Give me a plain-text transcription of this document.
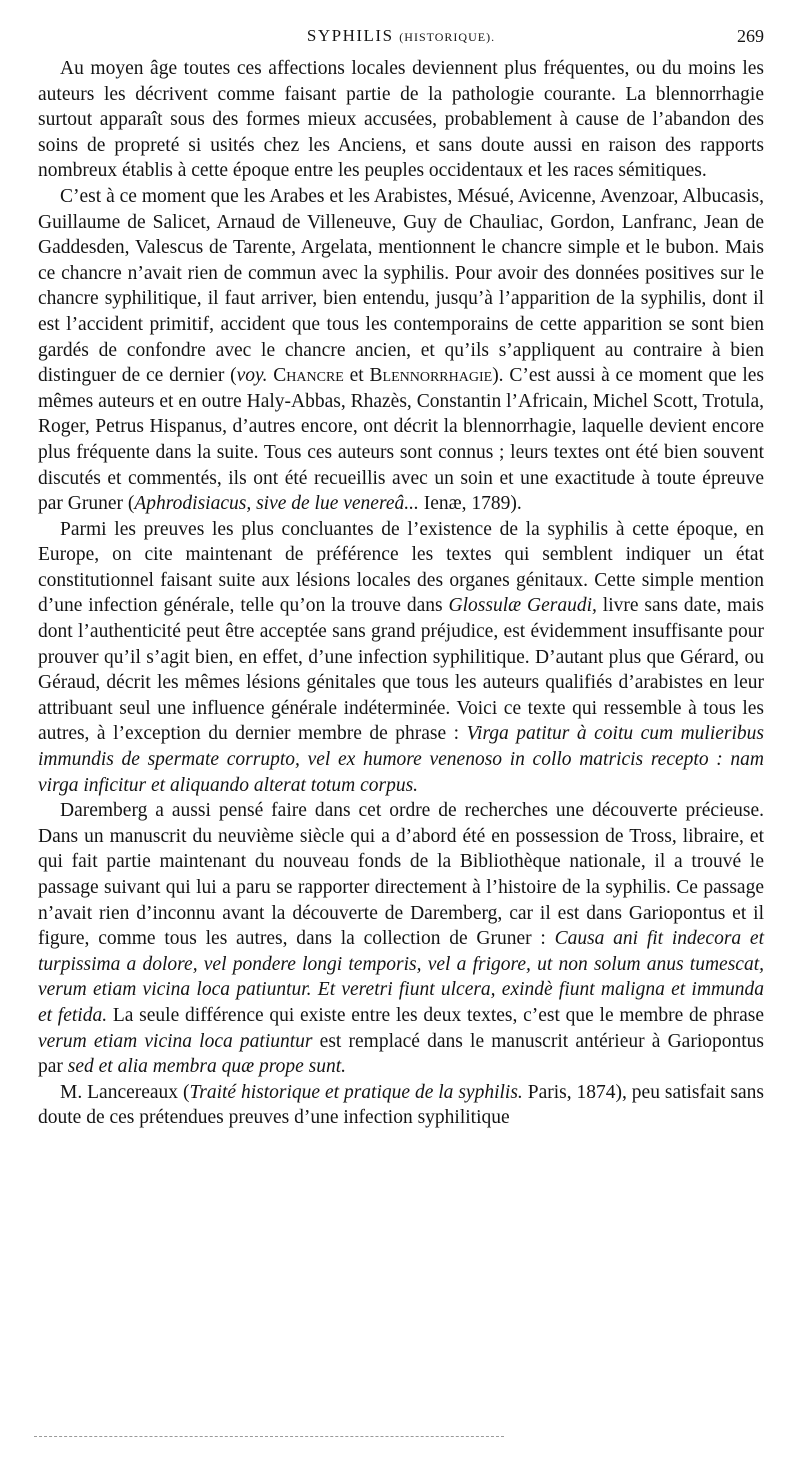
SYPHILIS (HISTORIQUE).	269

Au moyen âge toutes ces affections locales deviennent plus fréquentes, ou du moins les auteurs les décrivent comme faisant partie de la pathologie courante. La blennorrhagie surtout apparaît sous des formes mieux accusées, probablement à cause de l’abandon des soins de propreté si usités chez les Anciens, et sans doute aussi en raison des rapports nombreux établis à cette époque entre les peuples occidentaux et les races sémitiques.

C’est à ce moment que les Arabes et les Arabistes, Mésué, Avicenne, Avenzoar, Albucasis, Guillaume de Salicet, Arnaud de Villeneuve, Guy de Chauliac, Gordon, Lanfranc, Jean de Gaddesden, Valescus de Tarente, Argelata, mentionnent le chancre simple et le bubon. Mais ce chancre n’avait rien de commun avec la syphilis. Pour avoir des données positives sur le chancre syphilitique, il faut arriver, bien entendu, jusqu’à l’apparition de la syphilis, dont il est l’accident primitif, accident que tous les contemporains de cette apparition se sont bien gardés de confondre avec le chancre ancien, et qu’ils s’appliquent au contraire à bien distinguer de ce dernier (voy. Chancre et Blennorrhagie). C’est aussi à ce moment que les mêmes auteurs et en outre Haly-Abbas, Rhazès, Constantin l’Africain, Michel Scott, Trotula, Roger, Petrus Hispanus, d’autres encore, ont décrit la blennorrhagie, laquelle devient encore plus fréquente dans la suite. Tous ces auteurs sont connus ; leurs textes ont été bien souvent discutés et commentés, ils ont été recueillis avec un soin et une exactitude à toute épreuve par Gruner (Aphrodisiacus, sive de lue venereâ... Ienæ, 1789).

Parmi les preuves les plus concluantes de l’existence de la syphilis à cette époque, en Europe, on cite maintenant de préférence les textes qui semblent indiquer un état constitutionnel faisant suite aux lésions locales des organes génitaux. Cette simple mention d’une infection générale, telle qu’on la trouve dans Glossulæ Geraudi, livre sans date, mais dont l’authenticité peut être acceptée sans grand préjudice, est évidemment insuffisante pour prouver qu’il s’agit bien, en effet, d’une infection syphilitique. D’autant plus que Gérard, ou Géraud, décrit les mêmes lésions génitales que tous les auteurs qualifiés d’arabistes en leur attribuant seul une influence générale indéterminée. Voici ce texte qui ressemble à tous les autres, à l’exception du dernier membre de phrase : Virga patitur à coitu cum mulieribus immundis de spermate corrupto, vel ex humore venenoso in collo matricis recepto : nam virga inficitur et aliquando alterat totum corpus.

Daremberg a aussi pensé faire dans cet ordre de recherches une découverte précieuse. Dans un manuscrit du neuvième siècle qui a d’abord été en possession de Tross, libraire, et qui fait partie maintenant du nouveau fonds de la Bibliothèque nationale, il a trouvé le passage suivant qui lui a paru se rapporter directement à l’histoire de la syphilis. Ce passage n’avait rien d’inconnu avant la découverte de Daremberg, car il est dans Gariopontus et il figure, comme tous les autres, dans la collection de Gruner : Causa ani fit indecora et turpissima a dolore, vel pondere longi temporis, vel a frigore, ut non solum anus tumescat, verum etiam vicina loca patiuntur. Et veretri fiunt ulcera, exindè fiunt maligna et immunda et fetida. La seule différence qui existe entre les deux textes, c’est que le membre de phrase verum etiam vicina loca patiuntur est remplacé dans le manuscrit antérieur à Gariopontus par sed et alia membra quæ prope sunt.

M. Lancereaux (Traité historique et pratique de la syphilis. Paris, 1874), peu satisfait sans doute de ces prétendues preuves d’une infection syphilitique
